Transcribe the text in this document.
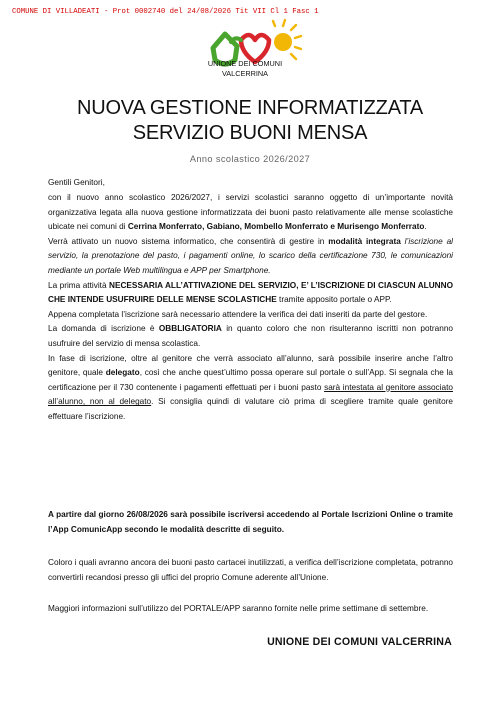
COMUNE DI VILLADEATI - Prot 0002740 del 24/08/2026 Tit VII Cl 1 Fasc 1
UNIONE DEI COMUNI
VALCERRINA
NUOVA GESTIONE INFORMATIZZATA
SERVIZIO BUONI MENSA
Anno scolastico 2026/2027
Gentili Genitori,

con il nuovo anno scolastico 2026/2027, i servizi scolastici saranno oggetto di un’importante novità organizzativa legata alla nuova gestione informatizzata dei buoni pasto relativamente alle mense scolastiche ubicate nei comuni di Cerrina Monferrato, Gabiano, Mombello Monferrato e Murisengo Monferrato.

Verrà attivato un nuovo sistema informatico, che consentirà di gestire in modalità integrata l’iscrizione al servizio, la prenotazione del pasto, i pagamenti online, lo scarico della certificazione 730, le comunicazioni mediante un portale Web multilingua e APP per Smartphone.

La prima attività NECESSARIA ALL’ATTIVAZIONE DEL SERVIZIO, E’ L’ISCRIZIONE DI CIASCUN ALUNNO CHE INTENDE USUFRUIRE DELLE MENSE SCOLASTICHE tramite apposito portale o APP.

Appena completata l’iscrizione sarà necessario attendere la verifica dei dati inseriti da parte del gestore.

La domanda di iscrizione è OBBLIGATORIA in quanto coloro che non risulteranno iscritti non potranno usufruire del servizio di mensa scolastica.

In fase di iscrizione, oltre al genitore che verrà associato all’alunno, sarà possibile inserire anche l’altro genitore, quale delegato, così che anche quest’ultimo possa operare sul portale o sull’App. Si segnala che la certificazione per il 730 contenente i pagamenti effettuati per i buoni pasto sarà intestata al genitore associato all’alunno, non al delegato. Si consiglia quindi di valutare ciò prima di scegliere tramite quale genitore effettuare l’iscrizione.

A partire dal giorno 26/08/2026 sarà possibile iscriversi accedendo al Portale Iscrizioni Online o tramite l’App ComunicApp secondo le modalità descritte di seguito.
Coloro i quali avranno ancora dei buoni pasto cartacei inutilizzati, a verifica dell’iscrizione completata, potranno convertirli recandosi presso gli uffici del proprio Comune aderente all’Unione.
Maggiori informazioni sull’utilizzo del PORTALE/APP saranno fornite nelle prime settimane di settembre.
UNIONE DEI COMUNI VALCERRINA
